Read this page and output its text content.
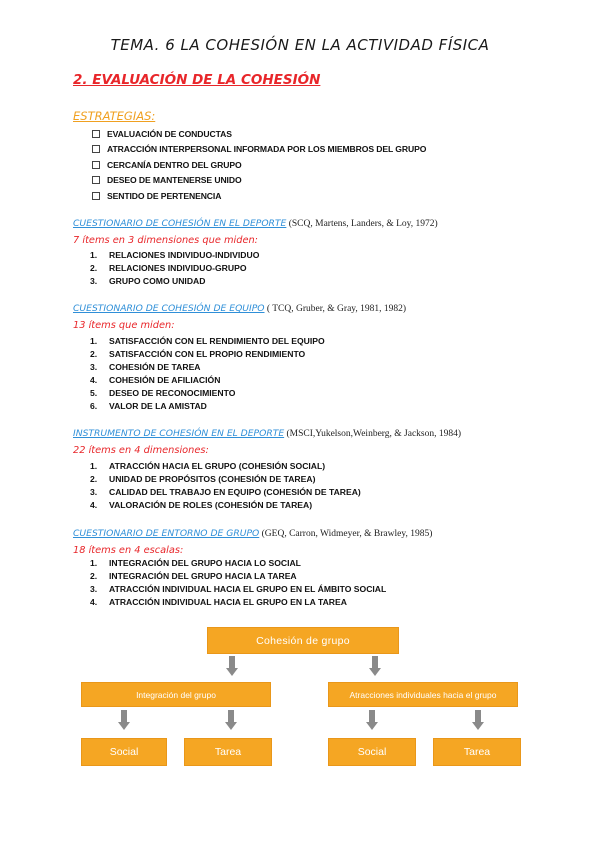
TEMA. 6 LA COHESIÓN EN LA ACTIVIDAD FÍSICA
2. EVALUACIÓN DE LA COHESIÓN
ESTRATEGIAS:
EVALUACIÓN DE CONDUCTAS
ATRACCIÓN INTERPERSONAL INFORMADA POR LOS MIEMBROS DEL GRUPO
CERCANÍA DENTRO DEL GRUPO
DESEO DE MANTENERSE UNIDO
SENTIDO DE PERTENENCIA
CUESTIONARIO DE COHESIÓN EN EL DEPORTE (SCQ, Martens, Landers, & Loy, 1972)
7 ítems en 3 dimensiones que miden:
1.	RELACIONES INDIVIDUO-INDIVIDUO
2.	RELACIONES INDIVIDUO-GRUPO
3.	GRUPO COMO UNIDAD
CUESTIONARIO DE COHESIÓN DE EQUIPO ( TCQ, Gruber, & Gray, 1981, 1982)
13 ítems que miden:
1.	SATISFACCIÓN CON EL RENDIMIENTO DEL EQUIPO
2.	SATISFACCIÓN CON EL PROPIO RENDIMIENTO
3.	COHESIÓN DE TAREA
4.	COHESIÓN DE AFILIACIÓN
5.	DESEO DE RECONOCIMIENTO
6.	VALOR DE LA AMISTAD
INSTRUMENTO DE COHESIÓN EN EL DEPORTE (MSCI,Yukelson,Weinberg, & Jackson, 1984)
22 ítems en 4 dimensiones:
1.	ATRACCIÓN HACIA EL GRUPO (COHESIÓN SOCIAL)
2.	UNIDAD DE PROPÓSITOS (COHESIÓN DE TAREA)
3.	CALIDAD DEL TRABAJO EN EQUIPO (COHESIÓN DE TAREA)
4.	VALORACIÓN DE ROLES (COHESIÓN DE TAREA)
CUESTIONARIO DE ENTORNO DE GRUPO (GEQ, Carron, Widmeyer, & Brawley, 1985)
18 ítems en 4 escalas:
1.	INTEGRACIÓN DEL GRUPO HACIA LO SOCIAL
2.	INTEGRACIÓN DEL GRUPO HACIA LA TAREA
3.	ATRACCIÓN INDIVIDUAL HACIA EL GRUPO EN EL ÁMBITO SOCIAL
4.	ATRACCIÓN INDIVIDUAL HACIA EL GRUPO EN LA TAREA
Cohesión de grupo
Integración del grupo	Atracciones individuales hacia el grupo
Social	Tarea	Social	Tarea
